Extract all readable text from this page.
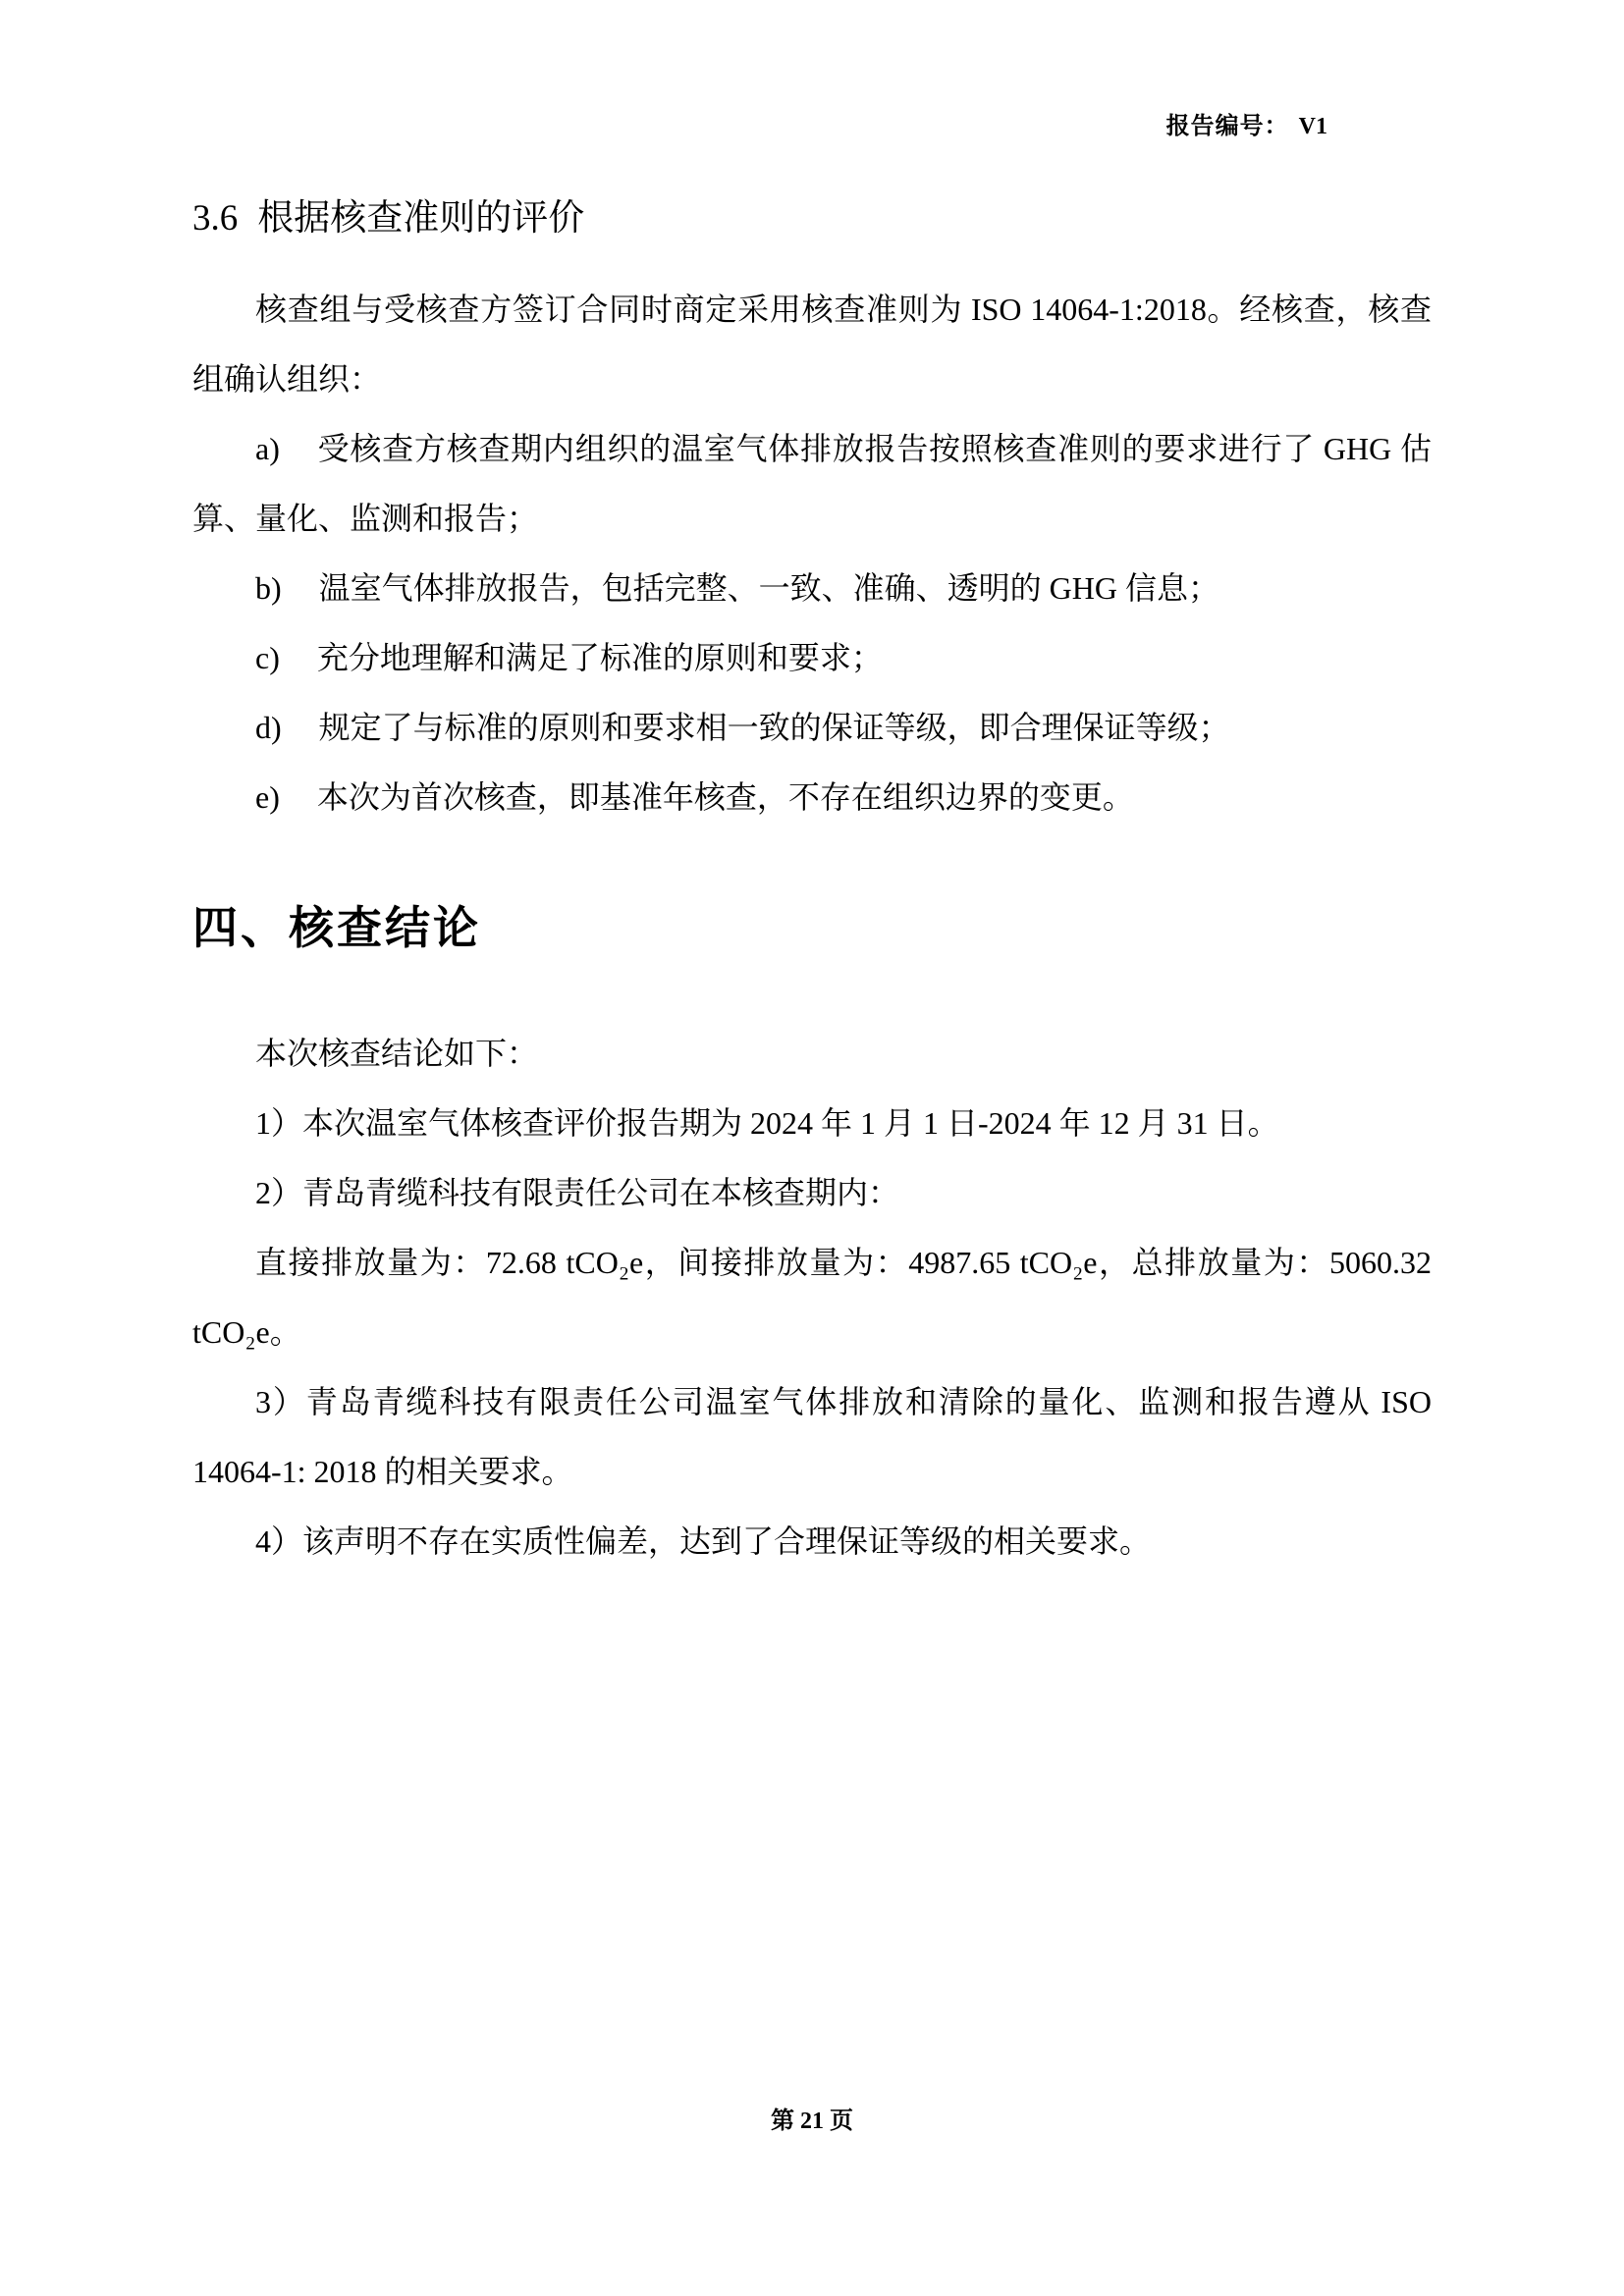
报告编号： V1
3.6 根据核查准则的评价

核查组与受核查方签订合同时商定采用核查准则为 ISO 14064-1:2018。经核查，核查组确认组织：

a) 受核查方核查期内组织的温室气体排放报告按照核查准则的要求进行了 GHG 估算、量化、监测和报告；

b) 温室气体排放报告，包括完整、一致、准确、透明的 GHG 信息；

c) 充分地理解和满足了标准的原则和要求；

d) 规定了与标准的原则和要求相一致的保证等级，即合理保证等级；

e) 本次为首次核查，即基准年核查，不存在组织边界的变更。

四、核查结论

本次核查结论如下：

1）本次温室气体核查评价报告期为 2024 年 1 月 1 日-2024 年 12 月 31 日。

2）青岛青缆科技有限责任公司在本核查期内：

直接排放量为：72.68 tCO₂e，间接排放量为：4987.65 tCO₂e，总排放量为：5060.32 tCO₂e。

3）青岛青缆科技有限责任公司温室气体排放和清除的量化、监测和报告遵从 ISO 14064-1: 2018 的相关要求。

4）该声明不存在实质性偏差，达到了合理保证等级的相关要求。

第 21 页
